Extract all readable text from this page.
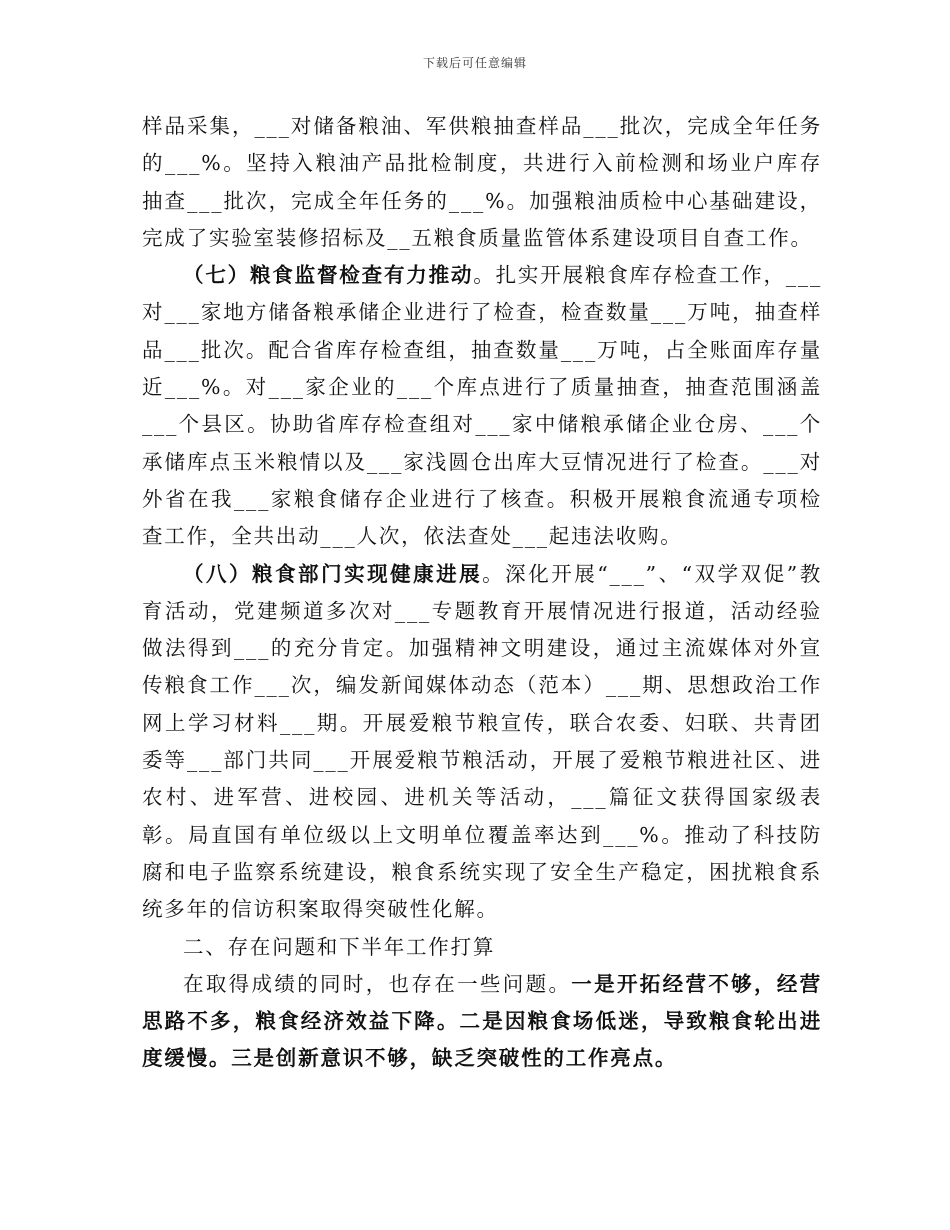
下载后可任意编辑

样品采集，___对储备粮油、军供粮抽查样品___批次，完成全年任务的___%。坚持入粮油产品批检制度，共进行入前检测和场业户库存抽查___批次，完成全年任务的___%。加强粮油质检中心基础建设，完成了实验室装修招标及__五粮食质量监管体系建设项目自查工作。

（七）粮食监督检查有力推动。扎实开展粮食库存检查工作，___对___家地方储备粮承储企业进行了检查，检查数量___万吨，抽查样品___批次。配合省库存检查组，抽查数量___万吨，占全账面库存量近___%。对___家企业的___个库点进行了质量抽查，抽查范围涵盖___个县区。协助省库存检查组对___家中储粮承储企业仓房、___个承储库点玉米粮情以及___家浅圆仓出库大豆情况进行了检查。___对外省在我___家粮食储存企业进行了核查。积极开展粮食流通专项检查工作，全共出动___人次，依法查处___起违法收购。

（八）粮食部门实现健康进展。深化开展“___”、“双学双促”教育活动，党建频道多次对___专题教育开展情况进行报道，活动经验做法得到___的充分肯定。加强精神文明建设，通过主流媒体对外宣传粮食工作___次，编发新闻媒体动态（范本）___期、思想政治工作网上学习材料___期。开展爱粮节粮宣传，联合农委、妇联、共青团委等___部门共同___开展爱粮节粮活动，开展了爱粮节粮进社区、进农村、进军营、进校园、进机关等活动，___篇征文获得国家级表彰。局直国有单位级以上文明单位覆盖率达到___%。推动了科技防腐和电子监察系统建设，粮食系统实现了安全生产稳定，困扰粮食系统多年的信访积案取得突破性化解。

二、存在问题和下半年工作打算

在取得成绩的同时，也存在一些问题。一是开拓经营不够，经营思路不多，粮食经济效益下降。二是因粮食场低迷，导致粮食轮出进度缓慢。三是创新意识不够，缺乏突破性的工作亮点。
